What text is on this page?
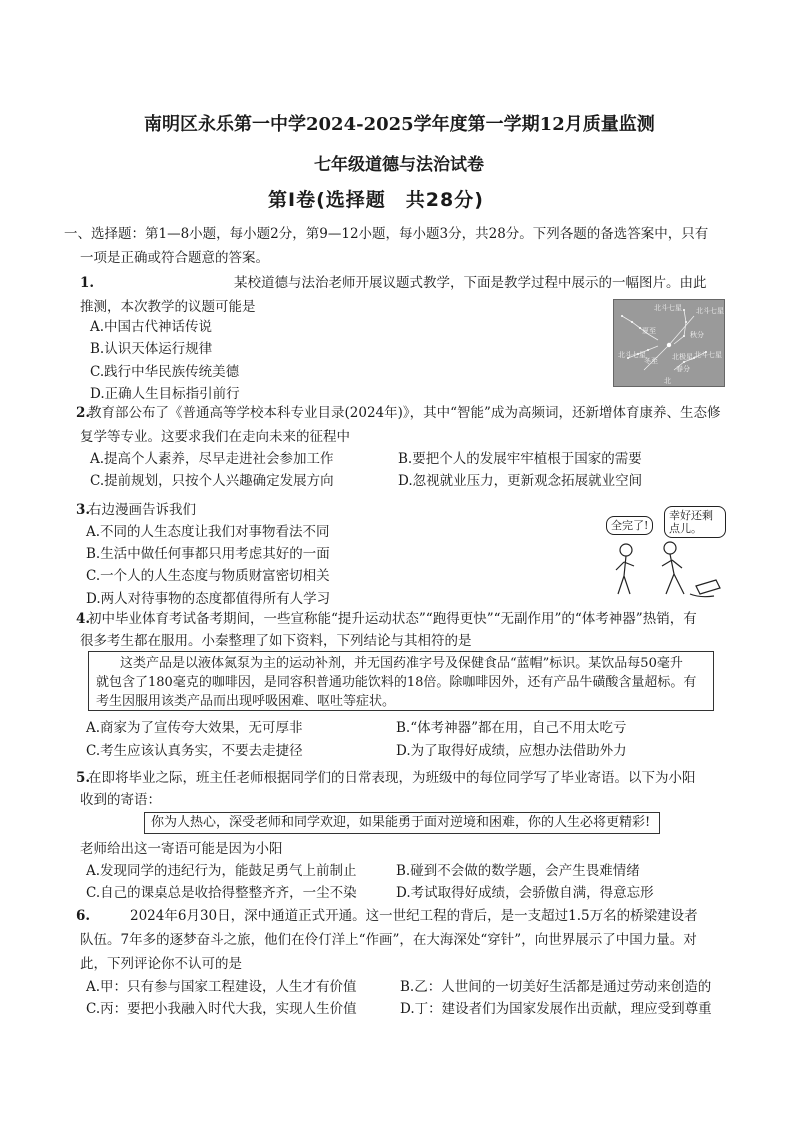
南明区永乐第一中学2024-2025学年度第一学期12月质量监测
七年级道德与法治试卷
第Ⅰ卷(选择题　共28分)
一、选择题：第1—8小题，每小题2分，第9—12小题，每小题3分，共28分。下列各题的备选答案中，只有
一项是正确或符合题意的答案。
1.	某校道德与法治老师开展议题式教学，下面是教学过程中展示的一幅图片。由此
推测，本次教学的议题可能是
A.中国古代神话传说
B.认识天体运行规律
C.践行中华民族传统美德
D.正确人生目标指引前行
北斗七星 北斗七星
夏至	秋分
北斗七星	北斗七星
北极星
冬至
春分
北
2.
教育部公布了《普通高等学校本科专业目录(2024年)》，其中“智能”成为高频词，还新增体育康养、生态修
复学等专业。这要求我们在走向未来的征程中
A.提高个人素养，尽早走进社会参加工作	B.要把个人的发展牢牢植根于国家的需要
C.提前规划，只按个人兴趣确定发展方向	D.忽视就业压力，更新观念拓展就业空间
3.
右边漫画告诉我们
A.不同的人生态度让我们对事物看法不同
B.生活中做任何事都只用考虑其好的一面
C.一个人的人生态度与物质财富密切相关
D.两人对待事物的态度都值得所有人学习
全完了!
幸好还剩
点儿。
4.
初中毕业体育考试备考期间，一些宣称能“提升运动状态”“跑得更快”“无副作用”的“体考神器”热销，有
很多考生都在服用。小秦整理了如下资料，下列结论与其相符的是
这类产品是以液体氮泵为主的运动补剂，并无国药准字号及保健食品“蓝帽”标识。某饮品每50毫升
就包含了180毫克的咖啡因，是同容积普通功能饮料的18倍。除咖啡因外，还有产品牛磺酸含量超标。有
考生因服用该类产品而出现呼吸困难、呕吐等症状。
A.商家为了宣传夸大效果，无可厚非	B.“体考神器”都在用，自己不用太吃亏
C.考生应该认真务实，不要去走捷径	D.为了取得好成绩，应想办法借助外力
5.
在即将毕业之际，班主任老师根据同学们的日常表现，为班级中的每位同学写了毕业寄语。以下为小阳
收到的寄语：
你为人热心，深受老师和同学欢迎，如果能勇于面对逆境和困难，你的人生必将更精彩!
老师给出这一寄语可能是因为小阳
A.发现同学的违纪行为，能鼓足勇气上前制止	B.碰到不会做的数学题，会产生畏难情绪
C.自己的课桌总是收拾得整整齐齐，一尘不染	D.考试取得好成绩，会骄傲自满，得意忘形
6.	2024年6月30日，深中通道正式开通。这一世纪工程的背后，是一支超过1.5万名的桥梁建设者
队伍。7年多的逐梦奋斗之旅，他们在伶仃洋上“作画”，在大海深处“穿针”，向世界展示了中国力量。对
此，下列评论你不认可的是
A.甲：只有参与国家工程建设，人生才有价值	B.乙：人世间的一切美好生活都是通过劳动来创造的
C.丙：要把小我融入时代大我，实现人生价值	D.丁：建设者们为国家发展作出贡献，理应受到尊重
